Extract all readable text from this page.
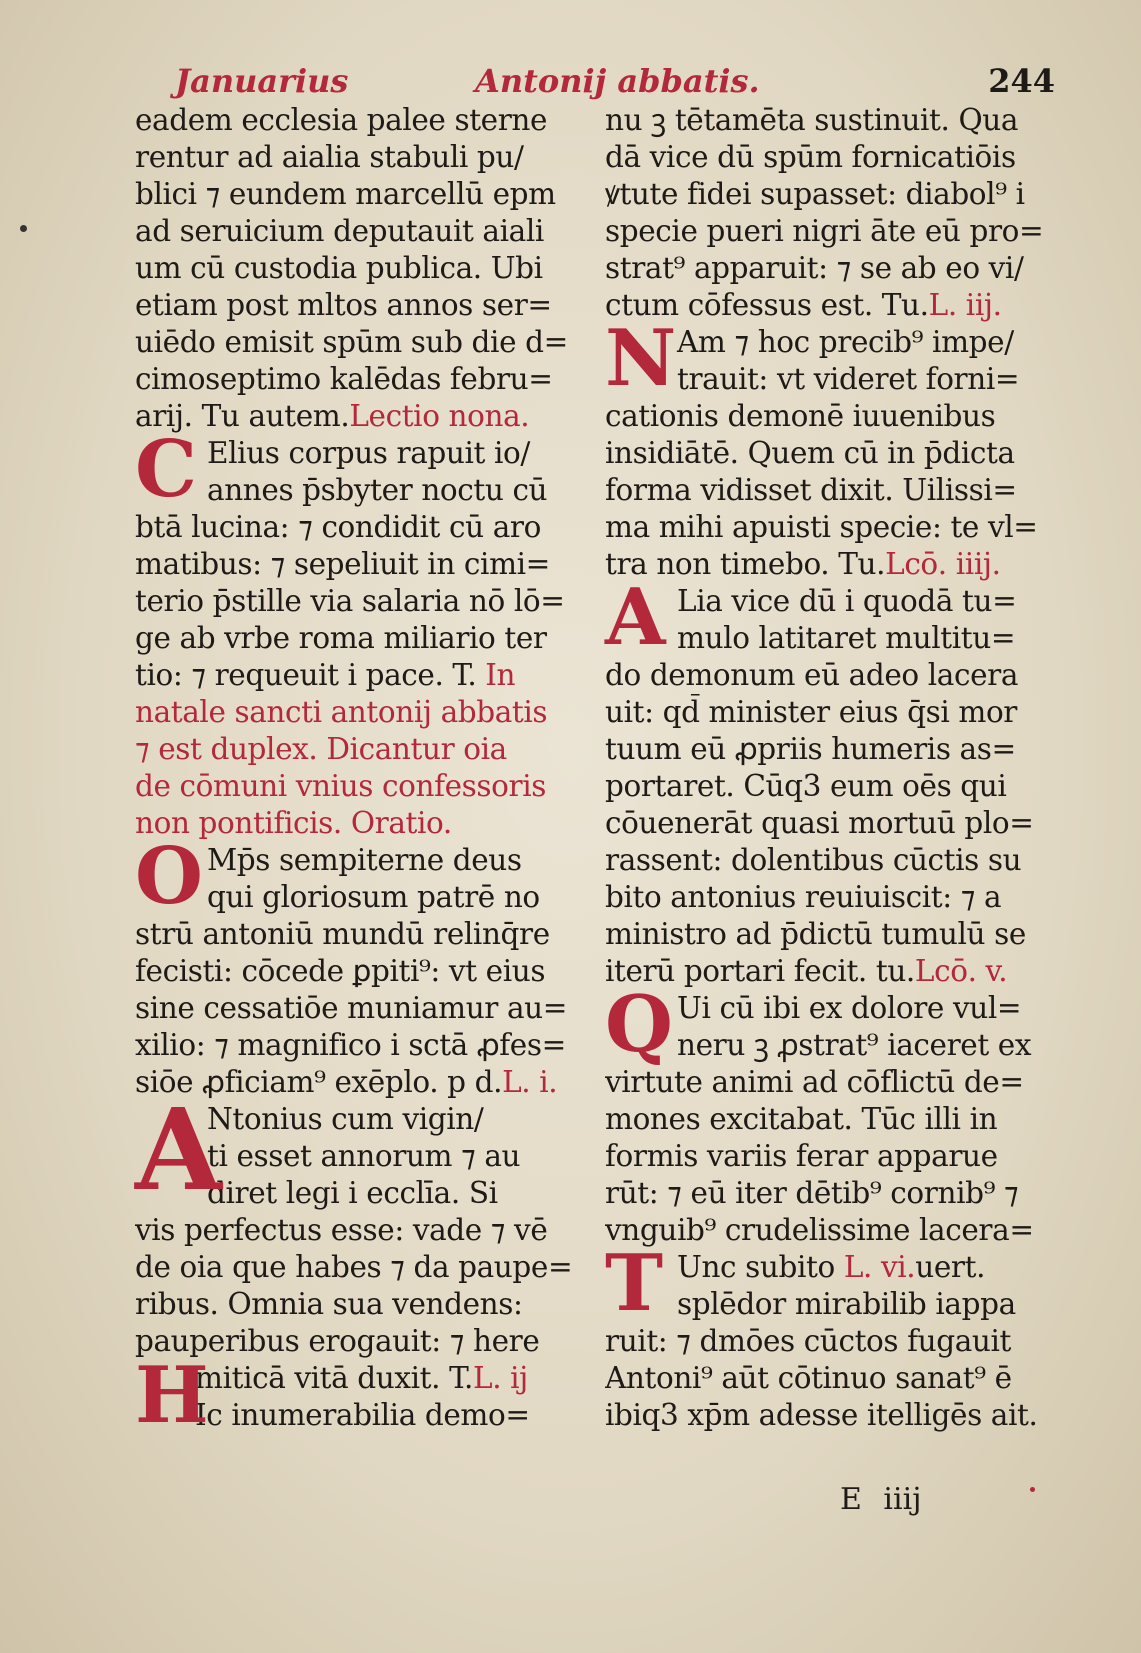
Januarius	Antonij abbatis.	244
eadem ecclesia palee sterne
rentur ad aialia stabuli pu/
blici ⁊ eundem marcellū epm
ad seruicium deputauit aiali
um cū custodia publica. Ubi
etiam post mltos annos ser=
uiēdo emisit spūm sub die d=
cimoseptimo kalēdas febru=
arij. Tu autem.Lectio nona.
C Elius corpus rapuit io/
annes p̄sbyter noctu cū
btā lucina: ⁊ condidit cū aro
matibus: ⁊ sepeliuit in cimi=
terio p̄stille via salaria nō lō=
ge ab vrbe roma miliario ter
tio: ⁊ requeuit i pace. T. In
natale sancti antonij abbatis
⁊ est duplex. Dicantur oia
de cōmuni vnius confessoris
non pontificis. Oratio.
O Mp̄s sempiterne deus
qui gloriosum patrē no
strū antoniū mundū relinq̄re
fecisti: cōcede ꝑpiti⁹: vt eius
sine cessatiōe muniamur au=
xilio: ⁊ magnifico i sctā ꝓfes=
siōe ꝓficiam⁹ exēplo. p d.L. i.
A
Ntonius cum vigin/
ti esset annorum ⁊ au
diret legi i ecclīa. Si
vis perfectus esse: vade ⁊ vē
de oia que habes ⁊ da paupe=
ribus. Omnia sua vendens:
pauperibus erogauit: ⁊ here
miticā vitā duxit. T.L. ij
H
Ic inumerabilia demo=
nu ꝫ tētamēta sustinuit. Qua
dā vice dū spūm fornicatiōis
ꝟtute fidei supasset: diabol⁹ i
specie pueri nigri āte eū pro=
strat⁹ apparuit: ⁊ se ab eo vi/
ctum cōfessus est. Tu.L. iij.
N Am ⁊ hoc precib⁹ impe/
trauit: vt videret forni=
cationis demonē iuuenibus
insidiātē. Quem cū in p̄dicta
forma vidisset dixit. Uilissi=
ma mihi apuisti specie: te vl=
tra non timebo. Tu.Lcō. iiij.
A Lia vice dū i quodā tu=
mulo latitaret multitu=
do demonum eū adeo lacera
uit: qd̄ minister eius q̄si mor
tuum eū ꝓpriis humeris as=
portaret. Cūq3 eum oēs qui
cōuenerāt quasi mortuū plo=
rassent: dolentibus cūctis su
bito antonius reuiuiscit: ⁊ a
ministro ad p̄dictū tumulū se
iterū portari fecit. tu.Lcō. v.
Q Ui cū ibi ex dolore vul=
neru ꝫ ꝓstrat⁹ iaceret ex
virtute animi ad cōflictū de=
mones excitabat. Tūc illi in
formis variis ferar apparue
rūt: ⁊ eū iter dētib⁹ cornib⁹ ⁊
vnguib⁹ crudelissime lacera=
T Unc subito L. vi.uert.
splēdor mirabilib iappa
ruit: ⁊ dmōes cūctos fugauit
Antoni⁹ aūt cōtinuo sanat⁹ ē
ibiq3 xp̄m adesse itelligēs ait.
E iiij
